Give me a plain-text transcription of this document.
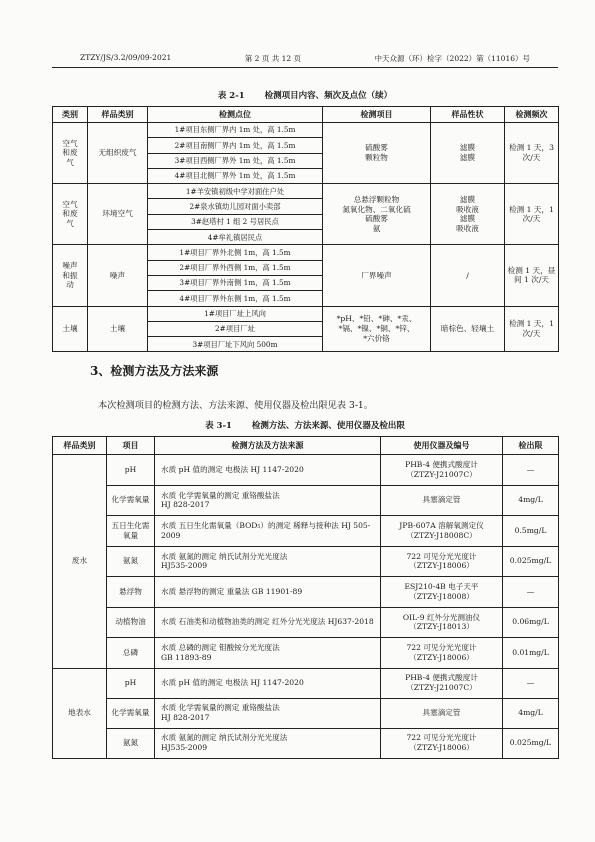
ZTZY/JS/3.2/09/09-2021	第 2 页 共 12 页	中天众源（环）检字（2022）第（11016）号
表 2-1 检测项目内容、频次及点位（续）
类别	样品类别	检测点位	检测项目	样品性状	检测频次
空气
和废
气	无组织废气	1#项目东侧厂界内 1m 处，高 1.5m	硫酸雾
颗粒物	滤膜
滤膜	检测 1 天，3 次/天
		2#项目南侧厂界内 1m 处，高 1.5m			
		3#项目西侧厂界外 1m 处，高 1.5m			
		4#项目北侧厂界外 1m 处，高 1.5m			
空气
和废
气	环境空气	1#羊安镇初级中学对面住户处	总悬浮颗粒物
氮氧化物、二氧化硫
硫酸雾
氨	滤膜
吸收液
滤膜
吸收液	检测 1 天，1 次/天
		2#泉水镇幼儿园对面小卖部			
		3#赵塔村 1 组 2 号居民点			
		4#牟礼镇居民点			
噪声
和振
动	噪声	1#项目厂界外北侧 1m，高 1.5m	厂界噪声	/	检测 1 天，昼间 1 次/天
		2#项目厂界外西侧 1m，高 1.5m			
		3#项目厂界外南侧 1m，高 1.5m			
		4#项目厂界外东侧 1m，高 1.5m			
土壤	土壤	1#项目厂址上风向	*pH、*铅、*砷、*汞、
*镉、*镍、*铜、*锌、
*六价铬	暗棕色、轻壤土	检测 1 天，1 次/天
		2#项目厂址			
		3#项目厂址下风向 500m			
3、检测方法及方法来源
本次检测项目的检测方法、方法来源、使用仪器及检出限见表 3-1。
表 3-1 检测方法、方法来源、使用仪器及检出限
样品类别	项目	检测方法及方法来源	使用仪器及编号	检出限
废水	pH	水质 pH 值的测定 电极法 HJ 1147-2020	PHB-4 便携式酸度计
（ZTZY-J21007C）	—
	化学需氧量	水质 化学需氧量的测定 重铬酸盐法
HJ 828-2017	具塞滴定管	4mg/L
	五日生化需氧量	水质 五日生化需氧量（BOD₅）的测定 稀释与接种法 HJ 505-2009	JPB-607A 溶解氧测定仪
（ZTZY-J18008C）	0.5mg/L
	氨氮	水质 氨氮的测定 纳氏试剂分光光度法
HJ535-2009	722 可见分光光度计
（ZTZY-J18006）	0.025mg/L
	悬浮物	水质 悬浮物的测定 重量法 GB 11901-89	ESJ210-4B 电子天平
（ZTZY-J18008）	—
	动植物油	水质 石油类和动植物油类的测定 红外分光光度法 HJ637-2018	OIL-9 红外分光测油仪
（ZTZY-J18013）	0.06mg/L
	总磷	水质 总磷的测定 钼酸铵分光光度法
GB 11893-89	722 可见分光光度计
（ZTZY-J18006）	0.01mg/L
地表水	pH	水质 pH 值的测定 电极法 HJ 1147-2020	PHB-4 便携式酸度计
（ZTZY-J21007C）	—
	化学需氧量	水质 化学需氧量的测定 重铬酸盐法
HJ 828-2017	具塞滴定管	4mg/L
	氨氮	水质 氨氮的测定 纳氏试剂分光光度法
HJ535-2009	722 可见分光光度计
（ZTZY-J18006）	0.025mg/L
